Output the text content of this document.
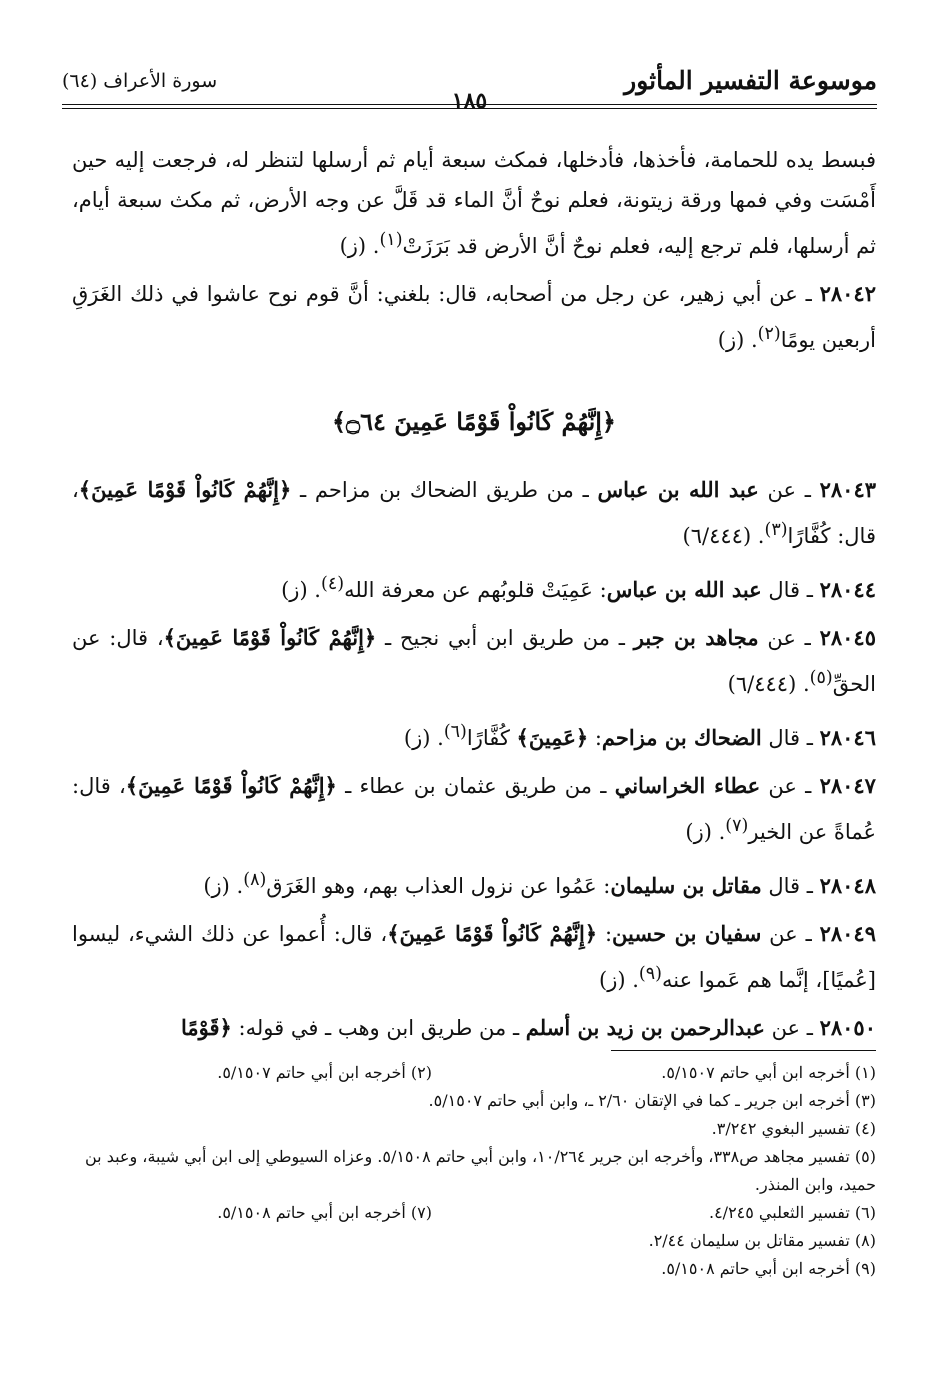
موسوعة التفسير المأثور
١٨٥
سورة الأعراف (٦٤)

فبسط يده للحمامة، فأخذها، فأدخلها، فمكث سبعة أيام ثم أرسلها لتنظر له، فرجعت إليه حين أَمْسَت وفي فمها ورقة زيتونة، فعلم نوحٌ أنَّ الماء قد قَلَّ عن وجه الأرض، ثم مكث سبعة أيام، ثم أرسلها، فلم ترجع إليه، فعلم نوحٌ أنَّ الأرض قد بَرَزَتْ$^{(١)}$. (ز)

٢٨٠٤٢ ـ عن أبي زهير، عن رجل من أصحابه، قال: بلغني: أنَّ قوم نوح عاشوا في ذلك الغَرَقِ أربعين يومًا$^{(٢)}$. (ز)

﴿إِنَّهُمْ كَانُواْ قَوْمًا عَمِينَ ۝٦٤﴾

٢٨٠٤٣ ـ عن عبد الله بن عباس ـ من طريق الضحاك بن مزاحم ـ ﴿إِنَّهُمْ كَانُواْ قَوْمًا عَمِينَ﴾، قال: كُفَّارًا$^{(٣)}$. (٦/٤٤٤)

٢٨٠٤٤ ـ قال عبد الله بن عباس: عَمِيَتْ قلوبُهم عن معرفة الله$^{(٤)}$. (ز)

٢٨٠٤٥ ـ عن مجاهد بن جبر ـ من طريق ابن أبي نجيح ـ ﴿إِنَّهُمْ كَانُواْ قَوْمًا عَمِينَ﴾، قال: عن الحقِّ$^{(٥)}$. (٦/٤٤٤)

٢٨٠٤٦ ـ قال الضحاك بن مزاحم: ﴿عَمِينَ﴾ كُفَّارًا$^{(٦)}$. (ز)

٢٨٠٤٧ ـ عن عطاء الخراساني ـ من طريق عثمان بن عطاء ـ ﴿إِنَّهُمْ كَانُواْ قَوْمًا عَمِينَ﴾، قال: عُماةً عن الخير$^{(٧)}$. (ز)

٢٨٠٤٨ ـ قال مقاتل بن سليمان: عَمُوا عن نزول العذاب بهم، وهو الغَرَق$^{(٨)}$. (ز)

٢٨٠٤٩ ـ عن سفيان بن حسين: ﴿إِنَّهُمْ كَانُواْ قَوْمًا عَمِينَ﴾، قال: أُعموا عن ذلك الشيء، ليسوا [عُميًا]، إنَّما هم عَموا عنه$^{(٩)}$. (ز)

٢٨٠٥٠ ـ عن عبدالرحمن بن زيد بن أسلم ـ من طريق ابن وهب ـ في قوله: ﴿قَوْمًا

(١) أخرجه ابن أبي حاتم ٥/١٥٠٧.

(٢) أخرجه ابن أبي حاتم ٥/١٥٠٧.

(٣) أخرجه ابن جرير ـ كما في الإتقان ٢/٦٠ ـ، وابن أبي حاتم ٥/١٥٠٧.

(٤) تفسير البغوي ٣/٢٤٢.

(٥) تفسير مجاهد ص٣٣٨، وأخرجه ابن جرير ١٠/٢٦٤، وابن أبي حاتم ٥/١٥٠٨. وعزاه السيوطي إلى ابن أبي شيبة، وعبد بن حميد، وابن المنذر.

(٦) تفسير الثعلبي ٤/٢٤٥.

(٧) أخرجه ابن أبي حاتم ٥/١٥٠٨.

(٨) تفسير مقاتل بن سليمان ٢/٤٤.

(٩) أخرجه ابن أبي حاتم ٥/١٥٠٨.
